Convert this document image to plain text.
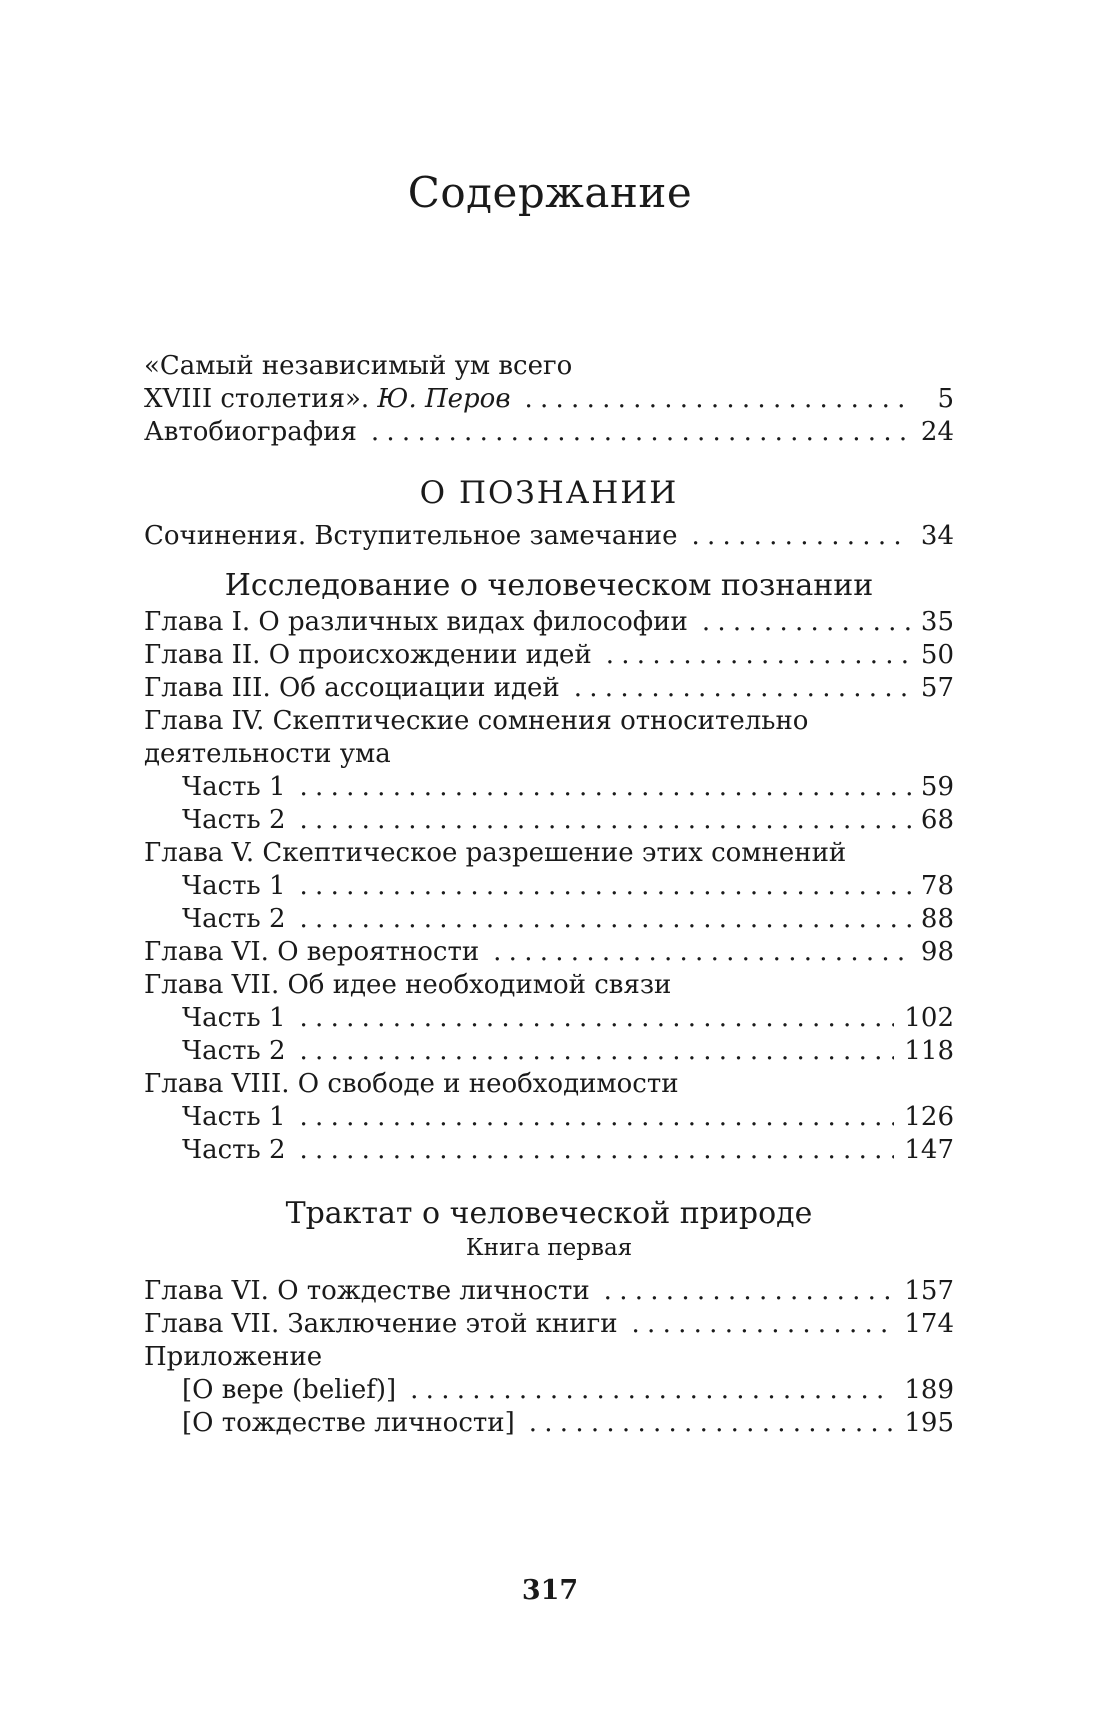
Содержание
«Самый независимый ум всего
XVIII столетия». Ю. Перов . . .	5
Автобиография . . .	24
О ПОЗНАНИИ
Сочинения. Вступительное замечание . . .	34
Исследование о человеческом познании
Глава I. О различных видах философии . . .	35
Глава II. О происхождении идей . . .	50
Глава III. Об ассоциации идей . . .	57
Глава IV. Скептические сомнения относительно
деятельности ума
Часть 1 . . .	59
Часть 2 . . .	68
Глава V. Скептическое разрешение этих сомнений
Часть 1 . . .	78
Часть 2 . . .	88
Глава VI. О вероятности . . .	98
Глава VII. Об идее необходимой связи
Часть 1 . . .	102
Часть 2 . . .	118
Глава VIII. О свободе и необходимости
Часть 1 . . .	126
Часть 2 . . .	147
Трактат о человеческой природе
Книга первая
Глава VI. О тождестве личности . . .	157
Глава VII. Заключение этой книги . . .	174
Приложение
[О вере (belief)] . . .	189
[О тождестве личности] . . .	195
317
